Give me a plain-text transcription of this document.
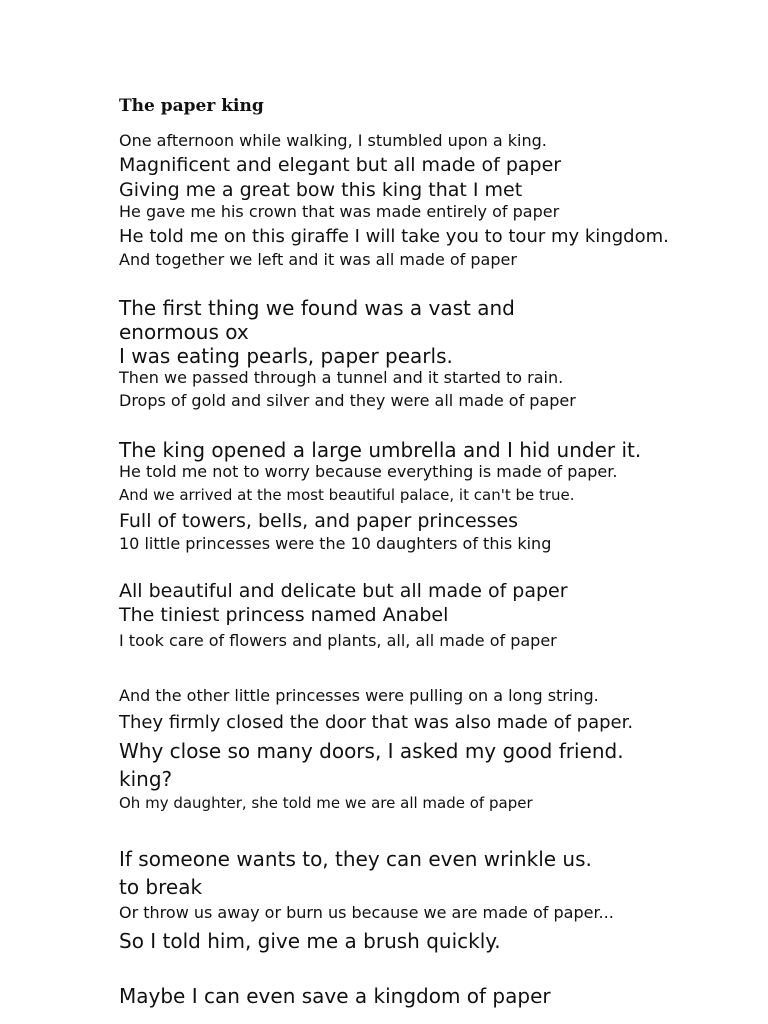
The paper king

One afternoon while walking, I stumbled upon a king.

Magnificent and elegant but all made of paper

Giving me a great bow this king that I met

He gave me his crown that was made entirely of paper

He told me on this giraffe I will take you to tour my kingdom.

And together we left and it was all made of paper

The first thing we found was a vast and

enormous ox

I was eating pearls, paper pearls.

Then we passed through a tunnel and it started to rain.

Drops of gold and silver and they were all made of paper

The king opened a large umbrella and I hid under it.

He told me not to worry because everything is made of paper.

And we arrived at the most beautiful palace, it can't be true.

Full of towers, bells, and paper princesses

10 little princesses were the 10 daughters of this king

All beautiful and delicate but all made of paper

The tiniest princess named Anabel

I took care of flowers and plants, all, all made of paper

And the other little princesses were pulling on a long string.

They firmly closed the door that was also made of paper.

Why close so many doors, I asked my good friend.

king?

Oh my daughter, she told me we are all made of paper

If someone wants to, they can even wrinkle us.

to break

Or throw us away or burn us because we are made of paper...

So I told him, give me a brush quickly.

Maybe I can even save a kingdom of paper
